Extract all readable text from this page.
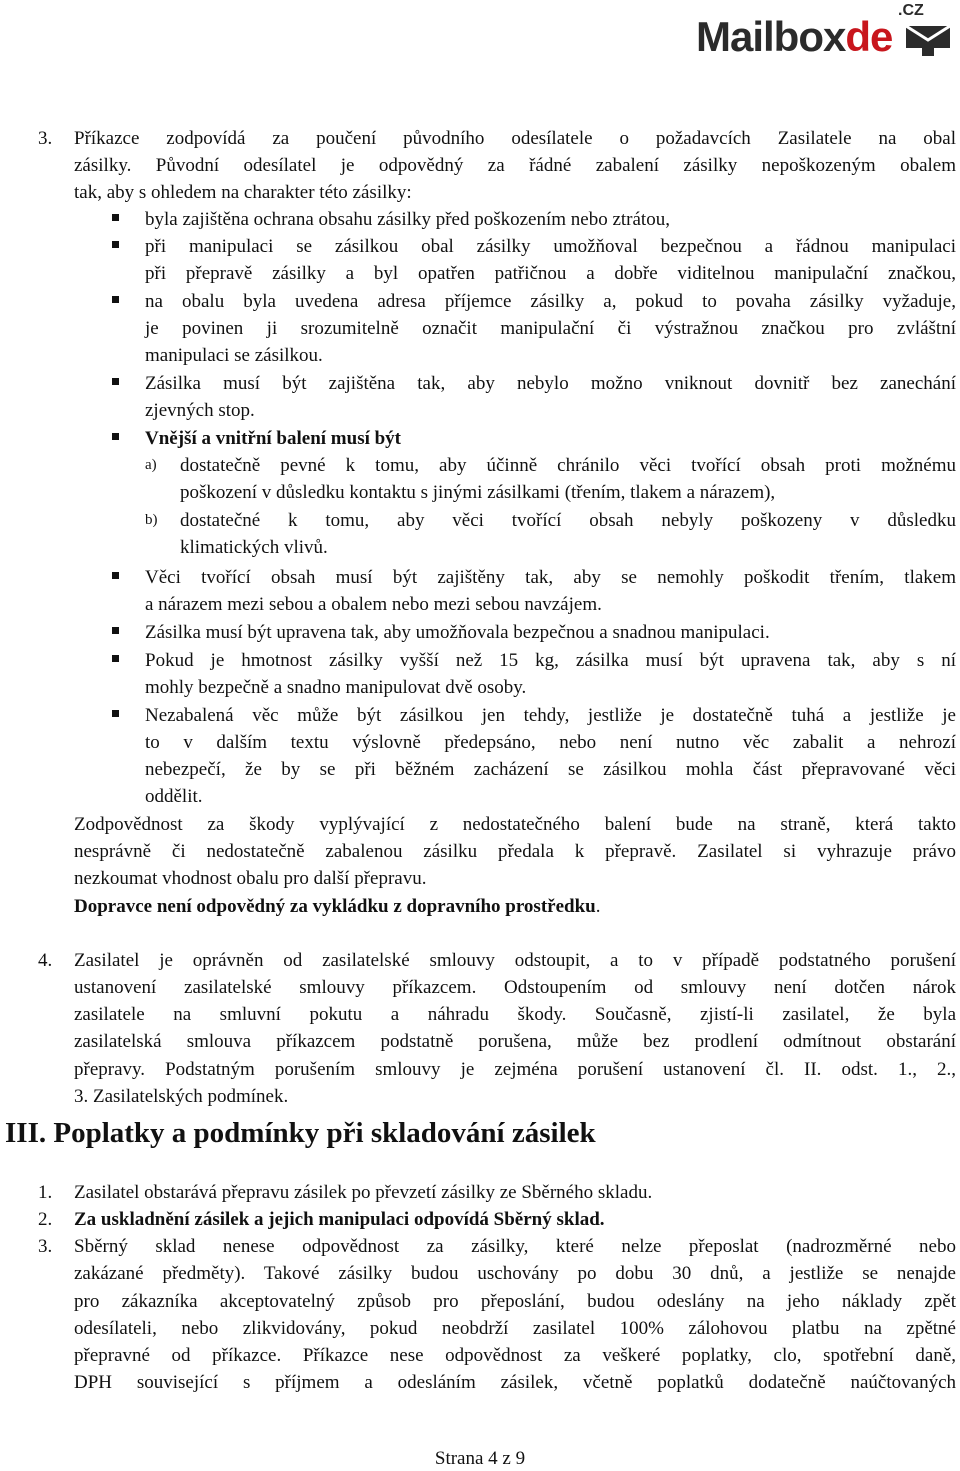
Mailboxde
.CZ
3. Příkazce zodpovídá za poučení původního odesílatele o požadavcích Zasilatele na obal
zásilky. Původní odesílatel je odpovědný za řádné zabalení zásilky nepoškozeným obalem
tak, aby s ohledem na charakter této zásilky:
byla zajištěna ochrana obsahu zásilky před poškozením nebo ztrátou,
při manipulaci se zásilkou obal zásilky umožňoval bezpečnou a řádnou manipulaci
při přepravě zásilky a byl opatřen patřičnou a dobře viditelnou manipulační značkou,
na obalu byla uvedena adresa příjemce zásilky a, pokud to povaha zásilky vyžaduje,
je povinen ji srozumitelně označit manipulační či výstražnou značkou pro zvláštní
manipulaci se zásilkou.
Zásilka musí být zajištěna tak, aby nebylo možno vniknout dovnitř bez zanechání
zjevných stop.
Vnější a vnitřní balení musí být
a) dostatečně pevné k tomu, aby účinně chránilo věci tvořící obsah proti možnému
poškození v důsledku kontaktu s jinými zásilkami (třením, tlakem a nárazem),
b) dostatečné k tomu, aby věci tvořící obsah nebyly poškozeny v důsledku
klimatických vlivů.
Věci tvořící obsah musí být zajištěny tak, aby se nemohly poškodit třením, tlakem
a nárazem mezi sebou a obalem nebo mezi sebou navzájem.
Zásilka musí být upravena tak, aby umožňovala bezpečnou a snadnou manipulaci.
Pokud je hmotnost zásilky vyšší než 15 kg, zásilka musí být upravena tak, aby s ní
mohly bezpečně a snadno manipulovat dvě osoby.
Nezabalená věc může být zásilkou jen tehdy, jestliže je dostatečně tuhá a jestliže je
to v dalším textu výslovně předepsáno, nebo není nutno věc zabalit a nehrozí
nebezpečí, že by se při běžném zacházení se zásilkou mohla část přepravované věci
oddělit.
Zodpovědnost za škody vyplývající z nedostatečného balení bude na straně, která takto
nesprávně či nedostatečně zabalenou zásilku předala k přepravě. Zasilatel si vyhrazuje právo
nezkoumat vhodnost obalu pro další přepravu.
Dopravce není odpovědný za vykládku z dopravního prostředku.
4. Zasilatel je oprávněn od zasilatelské smlouvy odstoupit, a to v případě podstatného porušení
ustanovení zasilatelské smlouvy příkazcem. Odstoupením od smlouvy není dotčen nárok
zasilatele na smluvní pokutu a náhradu škody. Současně, zjistí-li zasilatel, že byla
zasilatelská smlouva příkazcem podstatně porušena, může bez prodlení odmítnout obstarání
přepravy. Podstatným porušením smlouvy je zejména porušení ustanovení čl. II. odst. 1., 2.,
3. Zasilatelských podmínek.
III. Poplatky a podmínky při skladování zásilek
1. Zasilatel obstarává přepravu zásilek po převzetí zásilky ze Sběrného skladu.
2. Za uskladnění zásilek a jejich manipulaci odpovídá Sběrný sklad.
3. Sběrný sklad nenese odpovědnost za zásilky, které nelze přeposlat (nadrozměrné nebo
zakázané předměty). Takové zásilky budou uschovány po dobu 30 dnů, a jestliže se nenajde
pro zákazníka akceptovatelný způsob pro přeposlání, budou odeslány na jeho náklady zpět
odesílateli, nebo zlikvidovány, pokud neobdrží zasilatel 100% zálohovou platbu na zpětné
přepravné od příkazce. Příkazce nese odpovědnost za veškeré poplatky, clo, spotřební daně,
DPH související s příjmem a odesláním zásilek, včetně poplatků dodatečně naúčtovaných
Strana 4 z 9
